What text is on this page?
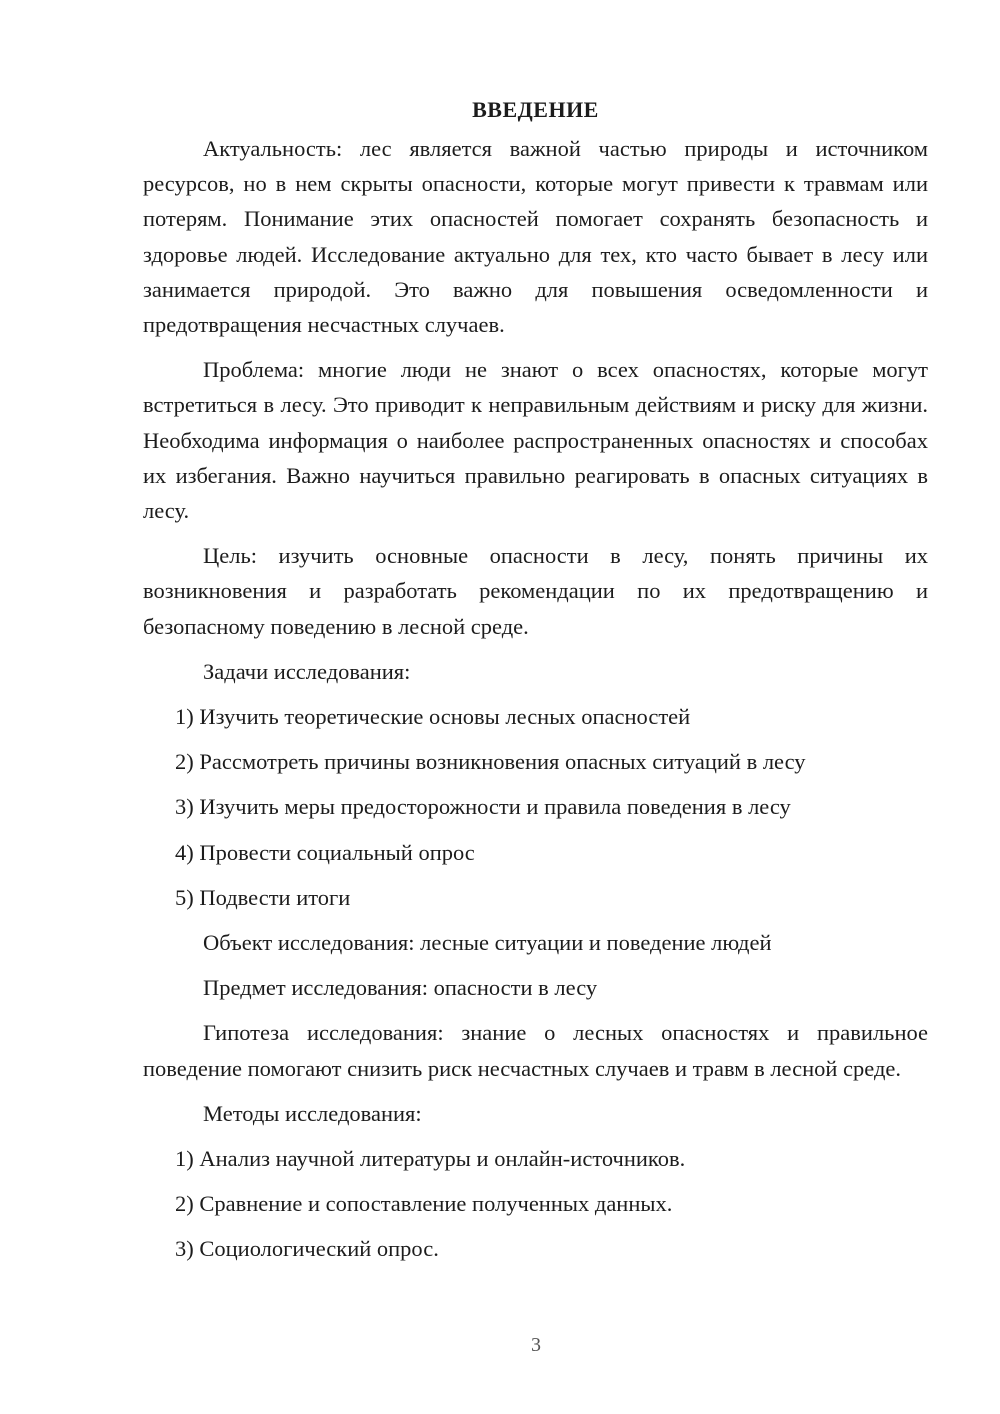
ВВЕДЕНИЕ

Актуальность: лес является важной частью природы и источником ресурсов, но в нем скрыты опасности, которые могут привести к травмам или потерям. Понимание этих опасностей помогает сохранять безопасность и здоровье людей. Исследование актуально для тех, кто часто бывает в лесу или занимается природой. Это важно для повышения осведомленности и предотвращения несчастных случаев.

Проблема: многие люди не знают о всех опасностях, которые могут встретиться в лесу. Это приводит к неправильным действиям и риску для жизни. Необходима информация о наиболее распространенных опасностях и способах их избегания. Важно научиться правильно реагировать в опасных ситуациях в лесу.

Цель: изучить основные опасности в лесу, понять причины их возникновения и разработать рекомендации по их предотвращению и безопасному поведению в лесной среде.

Задачи исследования:

1) Изучить теоретические основы лесных опасностей
2) Рассмотреть причины возникновения опасных ситуаций в лесу
3) Изучить меры предосторожности и правила поведения в лесу
4) Провести социальный опрос
5) Подвести итоги

Объект исследования: лесные ситуации и поведение людей

Предмет исследования: опасности в лесу

Гипотеза исследования: знание о лесных опасностях и правильное поведение помогают снизить риск несчастных случаев и травм в лесной среде.

Методы исследования:

1) Анализ научной литературы и онлайн-источников.
2) Сравнение и сопоставление полученных данных.
3) Социологический опрос.
3
